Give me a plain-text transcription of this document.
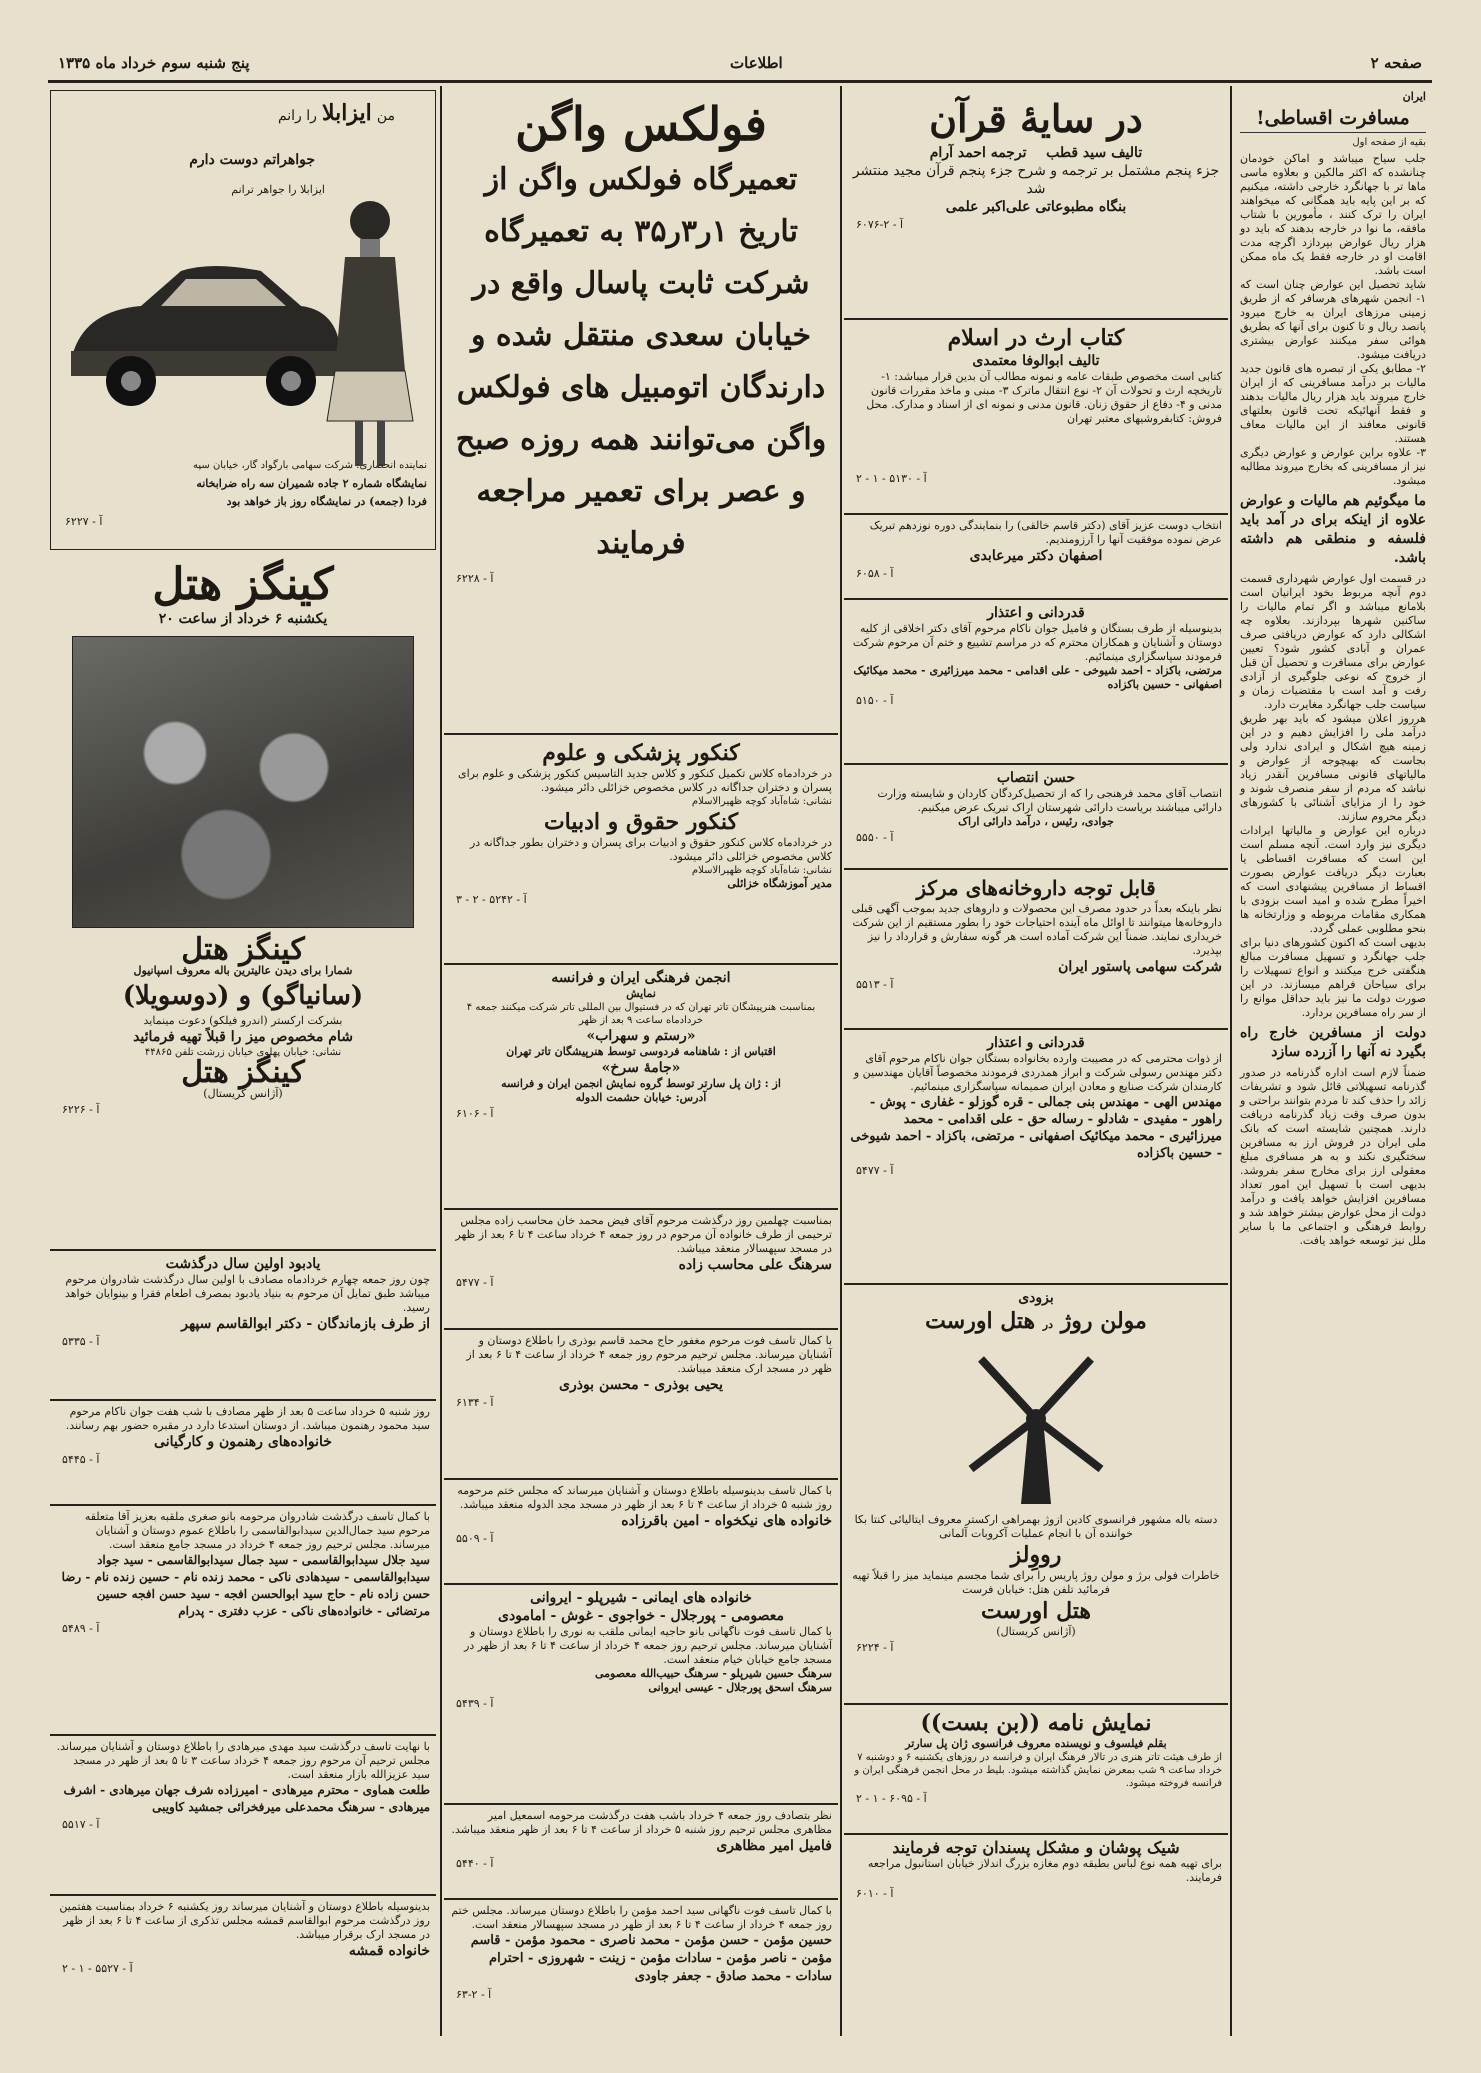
صفحه ۲
اطلاعات
پنج شنبه سوم خرداد ماه ۱۳۳۵
ایران
مسافرت اقساطی!
بقیه از صفحه اول

جلب سیاح میباشد و اماکن خودمان چنانشده که اکثر مالکین و بعلاوه ماسی ماها تر با جهانگرد خارجی داشته، میکنیم که بر این پایه باید همگانی که میخواهند ایران را ترک کنند ، مأمورین با شتاب مافقه، ما نوا در خارجه بدهند که باید دو هزار ریال عوارض بپردازد اگرچه مدت اقامت او در خارجه فقط یک ماه ممکن است باشد.

شاید تحصیل این عوارض چنان است که ۱- انجمن شهرهای هرسافر که از طریق زمینی مرزهای ایران به خارج میرود پانصد ریال و تا کنون برای آنها که بطریق هوائی سفر میکنند عوارض بیشتری دریافت میشود.

۲- مطابق یکی از تبصره های قانون جدید مالیات بر درآمد مسافرینی که از ایران خارج میروند باید هزار ریال مالیات بدهند و فقط آنهائیکه تحت قانون بعلتهای قانونی معافند از این مالیات معاف هستند.

۳- علاوه براین عوارض و عوارض دیگری نیز از مسافرینی که بخارج میروند مطالبه میشود.

ما میگوئیم هم مالیات و عوارض علاوه از اینکه برای در آمد باید فلسفه و منطقی هم داشته باشد.

در قسمت اول عوارض شهرداری قسمت دوم آنچه مربوط بخود ایرانیان است بلامانع میباشد و اگر تمام مالیات را ساکنین شهرها بپردازند. بعلاوه چه اشکالی دارد که عوارض دریافتی صرف عمران و آبادی کشور شود؟ تعیین عوارض برای مسافرت و تحصیل آن قبل از خروج که نوعی جلوگیری از آزادی رفت و آمد است با مقتضیات زمان و سیاست جلب جهانگرد مغایرت دارد.

هرروز اعلان میشود که باید بهر طریق درآمد ملی را افزایش دهیم و در این زمینه هیچ اشکال و ایرادی ندارد ولی بجاست که بهیچوجه از عوارض و مالیاتهای قانونی مسافرین آنقدر زیاد نباشد که مردم از سفر منصرف شوند و خود را از مزایای آشنائی با کشورهای دیگر محروم سازند.

درباره این عوارض و مالیاتها ایرادات دیگری نیز وارد است. آنچه مسلم است این است که مسافرت اقساطی یا بعبارت دیگر دریافت عوارض بصورت اقساط از مسافرین پیشنهادی است که اخیراً مطرح شده و امید است بزودی با همکاری مقامات مربوطه و وزارتخانه ها بنحو مطلوبی عملی گردد.

بدیهی است که اکنون کشورهای دنیا برای جلب جهانگرد و تسهیل مسافرت مبالغ هنگفتی خرج میکنند و انواع تسهیلات را برای سیاحان فراهم میسازند. در این صورت دولت ما نیز باید حداقل موانع را از سر راه مسافرین بردارد.

دولت از مسافرین خارج راه بگیرد نه آنها را آزرده سازد

ضمناً لازم است اداره گذرنامه در صدور گذرنامه تسهیلاتی قائل شود و تشریفات زائد را حذف کند تا مردم بتوانند براحتی و بدون صرف وقت زیاد گذرنامه دریافت دارند. همچنین شایسته است که بانک ملی ایران در فروش ارز به مسافرین سختگیری نکند و به هر مسافری مبلغ معقولی ارز برای مخارج سفر بفروشد. بدیهی است با تسهیل این امور تعداد مسافرین افزایش خواهد یافت و درآمد دولت از محل عوارض بیشتر خواهد شد و روابط فرهنگی و اجتماعی ما با سایر ملل نیز توسعه خواهد یافت.

در سایهٔ قرآن
تالیف سید قطب    ترجمه احمد آرام
جزء پنجم مشتمل بر ترجمه و شرح جزء پنجم قرآن مجید منتشر شد
بنگاه مطبوعاتی علی‌اکبر علمی
آ - ۲-۶۰۷۶
کتاب ارث در اسلام
تالیف ابوالوفا معتمدی
کتابی است مخصوص طبقات عامه و نمونه مطالب آن بدین قرار میباشد: ۱- تاریخچه ارث و تحولات آن ۲- نوع انتقال ماترک ۳- مبنی و ماخذ مقررات قانون مدنی و ۴- دفاع از حقوق زنان. قانون مدنی و نمونه ای از اسناد و مدارک. محل فروش: کتابفروشیهای معتبر تهران
آ - ۵۱۳۰ - ۱ - ۲
انتخاب دوست عزیز آقای (دکتر قاسم خالقی) را بنمایندگی دوره نوزدهم تبریک عرض نموده موفقیت آنها را آرزومندیم.
اصفهان دکتر میرعابدی
آ - ۶۰۵۸
قدردانی و اعتذار
بدینوسیله از طرف بستگان و فامیل جوان ناکام مرحوم آقای دکتر اخلاقی از کلیه دوستان و آشنایان و همکاران محترم که در مراسم تشییع و ختم آن مرحوم شرکت فرمودند سپاسگزاری مینمائیم.
مرتضی، باکزاد - احمد شیوخی - علی اقدامی - محمد میرزائیری - محمد میکائیک اصفهانی - حسین باکزاده
آ - ۵۱۵۰
حسن انتصاب
انتصاب آقای محمد فرهنجی را که از تحصیل‌کردگان کاردان و شایسته وزارت دارائی میباشند بریاست دارائی شهرستان اراک تبریک عرض میکنیم.
جوادی، رئیس ، درآمد دارائی اراک
آ - ۵۵۵۰
قابل توجه داروخانه‌های مرکز
نظر باینکه بعداً در حدود مصرف این محصولات و داروهای جدید بموجب آگهی قبلی داروخانه‌ها میتوانند تا اوائل ماه آینده احتیاجات خود را بطور مستقیم از این شرکت خریداری نمایند. ضمناً این شرکت آماده است هر گونه سفارش و قرارداد را نیز بپذیرد.
شرکت سهامی پاستور ایران
آ - ۵۵۱۳
قدردانی و اعتذار
از ذوات محترمی که در مصیبت وارده بخانواده بستگان جوان ناکام مرحوم آقای دکتر مهندس رسولی شرکت و ابراز همدردی فرمودند مخصوصاً آقایان مهندسین و کارمندان شرکت صنایع و معادن ایران صمیمانه سپاسگزاری مینمائیم.
مهندس الهی - مهندس بنی جمالی - قره گوزلو - غفاری - پوش - راهور - مفیدی - شادلو - رساله حق - علی اقدامی - محمد میرزائیری - محمد میکائیک اصفهانی - مرتضی، باکزاد - احمد شیوخی - حسین باکزاده
آ - ۵۴۷۷
بزودی
مولن روژ در هتل اورست
دسته باله مشهور فرانسوی کادین ازوژ بهمراهی ارکستر معروف ایتالیائی کنتا بکا خواننده آن با انجام عملیات آکروبات آلمانی
رووِلز
خاطرات فولی برژ و مولن روژ پاریس را برای شما مجسم مینماید میز را قبلاً تهیه فرمائید تلفن هتل: خیابان فرست
هتل اورست
(آژانس کریستال)
آ - ۶۲۲۴
نمایش نامه ((بن بست))
بقلم فیلسوف و نویسنده معروف فرانسوی ژان پل سارتر
از طرف هیئت تاتر هنری در تالار فرهنگ ایران و فرانسه در روزهای یکشنبه ۶ و دوشنبه ۷ خرداد ساعت ۹ شب بمعرض نمایش گذاشته میشود. بلیط در محل انجمن فرهنگی ایران و فرانسه فروخته میشود.
آ - ۶۰۹۵ - ۱ - ۲
شیک پوشان و مشکل پسندان توجه فرمایند
برای تهیه همه نوع لباس بطبقه دوم مغازه بزرگ اندلاز خیابان استانبول مراجعه فرمایند.
آ - ۶۰۱۰
فولکس واگن
تعمیرگاه فولکس واگن از تاریخ ۱ر۳ر۳۵ به تعمیرگاه شرکت ثابت پاسال واقع در خیابان سعدی منتقل شده و دارندگان اتومبیل های فولکس واگن می‌توانند همه روزه صبح و عصر برای تعمیر مراجعه فرمایند
آ - ۶۲۲۸
کنکور پزشکی و علوم
در خردادماه کلاس تکمیل کنکور و کلاس جدید التاسیس کنکور پزشکی و علوم برای پسران و دختران جداگانه در کلاس مخصوص خزائلی دائر میشود.
نشانی: شاه‌آباد کوچه ظهیرالاسلام
کنکور حقوق و ادبیات
در خردادماه کلاس کنکور حقوق و ادبیات برای پسران و دختران بطور جداگانه در کلاس مخصوص خزائلی دائر میشود.
نشانی: شاه‌آباد کوچه ظهیرالاسلام
مدیر آموزشگاه خزائلی
آ - ۵۲۴۲ - ۲ - ۳
انجمن فرهنگی ایران و فرانسه
نمایش
بمناسبت هنرپیشگان تاتر تهران که در فستیوال بین المللی تاتر شرکت میکنند جمعه ۴ خردادماه ساعت ۹ بعد از ظهر
«رستم و سهراب»
اقتباس از : شاهنامه فردوسی توسط هنرپیشگان تاتر تهران
«جامهٔ سرخ»
از : ژان پل سارتر توسط گروه نمایش انجمن ایران و فرانسه
آدرس: خیابان حشمت الدوله
آ - ۶۱۰۶
بمناسبت چهلمین روز درگذشت مرحوم آقای فیض محمد خان محاسب زاده مجلس ترحیمی از طرف خانواده آن مرحوم در روز جمعه ۴ خرداد ساعت ۴ تا ۶ بعد از ظهر در مسجد سپهسالار منعقد میباشد.
سرهنگ علی محاسب زاده
آ - ۵۴۷۷
با کمال تاسف فوت مرحوم مغفور حاج محمد قاسم بوذری را باطلاع دوستان و آشنایان میرساند. مجلس ترحیم مرحوم روز جمعه ۴ خرداد از ساعت ۴ تا ۶ بعد از ظهر در مسجد ارک منعقد میباشد.
یحیی بوذری - محسن بوذری
آ - ۶۱۳۴
با کمال تاسف بدینوسیله باطلاع دوستان و آشنایان میرساند که مجلس ختم مرحومه روز شنبه ۵ خرداد از ساعت ۴ تا ۶ بعد از ظهر در مسجد مجد الدوله منعقد میباشد.
خانواده های نیکخواه - امین باقرزاده
آ - ۵۵۰۹
خانواده های ایمانی - شیرپلو - ایروانی
معصومی - پورجلال - خواجوی - غوش - امامودی
با کمال تاسف فوت ناگهانی بانو حاجیه ایمانی ملقب به نوری را باطلاع دوستان و آشنایان میرساند. مجلس ترحیم روز جمعه ۴ خرداد از ساعت ۴ تا ۶ بعد از ظهر در مسجد جامع خیابان خیام منعقد است.
سرهنگ حسین شیرپلو - سرهنگ حبیب‌الله معصومی
سرهنگ اسحق پورجلال - عیسی ایروانی
آ - ۵۴۳۹
نظر بتصادف روز جمعه ۴ خرداد باشب هفت درگذشت مرحومه اسمعیل امیر مظاهری مجلس ترحیم روز شنبه ۵ خرداد از ساعت ۴ تا ۶ بعد از ظهر منعقد میباشد.
فامیل امیر مظاهری
آ - ۵۴۴۰
با کمال تاسف فوت ناگهانی سید احمد مؤمن را باطلاع دوستان میرساند. مجلس ختم روز جمعه ۴ خرداد از ساعت ۴ تا ۶ بعد از ظهر در مسجد سپهسالار منعقد است.
حسین مؤمن - حسن مؤمن - محمد ناصری - محمود مؤمن - قاسم مؤمن - ناصر مؤمن - سادات مؤمن - زینت - شهروزی - احترام سادات - محمد صادق - جعفر جاودی
آ - ۲-۶۳
من ایزابلا را رانم
جواهراتم دوست دارم
ایزابلا را جواهر ترانم
نماینده انحصاری: شرکت سهامی بارگواد گار، خیابان سپه
نمایشگاه شماره ۲ جاده شمیران سه راه ضرابخانه
فردا (جمعه) در نمایشگاه روز باز خواهد بود
آ - ۶۲۲۷
کینگز هتل
یکشنبه ۶ خرداد از ساعت ۲۰
کینگز هتل
شمارا برای دیدن عالیترین باله معروف اسپانیول
(سانیاگو) و (دوسویلا)
بشرکت ارکستر (اندرو فیلکو) دعوت مینماید
شام مخصوص میز را قبلاً تهیه فرمائید
نشانی: خیابان پهلوی خیابان زرشت تلفن ۴۴۸۶۵
کینگز هتل
(آژانس کریستال)
آ - ۶۲۲۶
یادبود اولین سال درگذشت
چون روز جمعه چهارم خردادماه مصادف با اولین سال درگذشت شادروان مرحوم میباشد طبق تمایل آن مرحوم به بنیاد یادبود بمصرف اطعام فقرا و بینوایان خواهد رسید.
از طرف بازماندگان - دکتر ابوالقاسم سپهر
آ - ۵۳۳۵
روز شنبه ۵ خرداد ساعت ۵ بعد از ظهر مصادف با شب هفت جوان ناکام مرحوم سید محمود رهنمون میباشد. از دوستان استدعا دارد در مقبره حضور بهم رسانند.
خانواده‌های رهنمون و کارگیانی
آ - ۵۴۴۵
با کمال تاسف درگذشت شادروان مرحومه بانو صغری ملقبه بعزیز آقا متعلقه مرحوم سید جمال‌الدین سیدابوالقاسمی را باطلاع عموم دوستان و آشنایان میرساند. مجلس ترحیم روز جمعه ۴ خرداد در مسجد جامع منعقد است.
سید جلال سیدابوالقاسمی - سید جمال سیدابوالقاسمی - سید جواد سیدابوالقاسمی - سیدهادی ناکی - محمد زنده نام - حسین زنده نام - رضا حسن زاده نام - حاج سید ابوالحسن افجه - سید حسن افجه حسین مرتضائی - خانواده‌های ناکی - عزب دفتری - پدرام
آ - ۵۴۸۹
با نهایت تاسف درگذشت سید مهدی میرهادی را باطلاع دوستان و آشنایان میرساند. مجلس ترحیم آن مرحوم روز جمعه ۴ خرداد ساعت ۳ تا ۵ بعد از ظهر در مسجد سید عزیزالله بازار منعقد است.
طلعت هماوی - محترم میرهادی - امیرزاده شرف جهان میرهادی - اشرف میرهادی - سرهنگ محمدعلی میرفخرائی جمشید کاویبی
آ - ۵۵۱۷
بدینوسیله باطلاع دوستان و آشنایان میرساند روز یکشنبه ۶ خرداد بمناسبت هفتمین روز درگذشت مرحوم ابوالقاسم قمشه مجلس تذکری از ساعت ۴ تا ۶ بعد از ظهر در مسجد ارک برقرار میباشد.
خانواده قمشه
آ - ۵۵۲۷ - ۱ - ۲
